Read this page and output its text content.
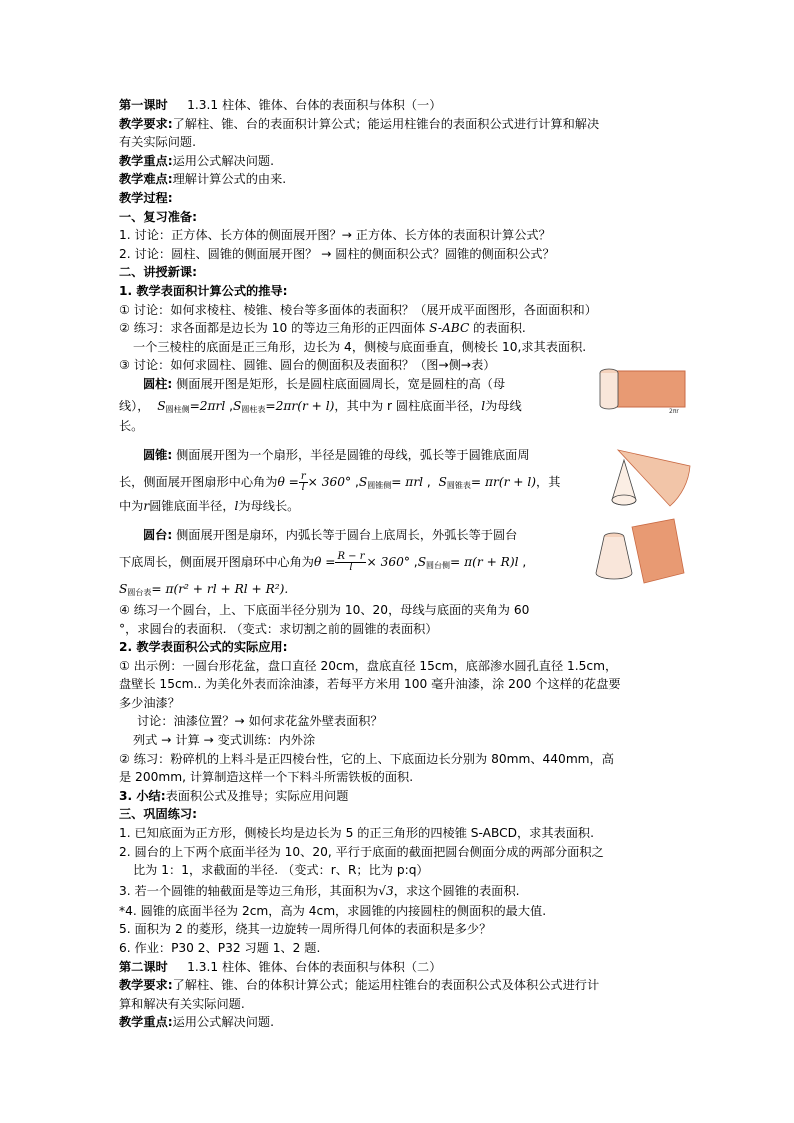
第一课时 1.3.1 柱体、锥体、台体的表面积与体积（一）
教学要求:了解柱、锥、台的表面积计算公式；能运用柱锥台的表面积公式进行计算和解决
有关实际问题.
教学重点:运用公式解决问题.
教学难点:理解计算公式的由来.
教学过程:
一、复习准备:
1. 讨论：正方体、长方体的侧面展开图？→ 正方体、长方体的表面积计算公式？
2. 讨论：圆柱、圆锥的侧面展开图？ → 圆柱的侧面积公式？圆锥的侧面积公式？
二、讲授新课:
1. 教学表面积计算公式的推导:
① 讨论：如何求棱柱、棱锥、棱台等多面体的表面积？（展开成平面图形，各面面积和）
② 练习：求各面都是边长为 10 的等边三角形的正四面体 S-ABC 的表面积.
一个三棱柱的底面是正三角形，边长为 4，侧棱与底面垂直，侧棱长 10,求其表面积.
③ 讨论：如何求圆柱、圆锥、圆台的侧面积及表面积？（图→侧→表）
圆柱: 侧面展开图是矩形，长是圆柱底面圆周长，宽是圆柱的高（母
线）， $S_{圆柱侧}=2\pi rl$ $,S_{圆柱表}=2\pi r(r + l)$，其中为 r 圆柱底面半径，l为母线
长。
圆锥: 侧面展开图为一个扇形，半径是圆锥的母线，弧长等于圆锥底面周
长，侧面展开图扇形中心角为$\theta = \frac{r}{l} \times 360^\circ$ $,S_{圆锥侧}= \pi rl$ ,  $S_{圆锥表}= \pi r(r + l)$，其
中为r圆锥底面半径，l为母线长。
圆台: 侧面展开图是扇环，内弧长等于圆台上底周长，外弧长等于圆台
下底周长，侧面展开图扇环中心角为$\theta = \frac{R - r}{l} \times 360^\circ$ $,S_{圆台侧}= \pi(r + R)l$ ,
$S_{圆台表}= \pi(r^2$ + rl + Rl + R²).
④ 练习一个圆台，上、下底面半径分别为 10、20，母线与底面的夹角为 60
°，求圆台的表面积. （变式：求切割之前的圆锥的表面积）
2. 教学表面积公式的实际应用:
① 出示例：一圆台形花盆，盘口直径 20cm，盘底直径 15cm，底部渗水圆孔直径 1.5cm，
盘壁长 15cm.. 为美化外表而涂油漆，若每平方米用 100 毫升油漆，涂 200 个这样的花盘要
多少油漆？
讨论：油漆位置？→ 如何求花盆外壁表面积？
列式 → 计算 → 变式训练：内外涂
② 练习：粉碎机的上料斗是正四棱台性，它的上、下底面边长分别为 80mm、440mm，高
是 200mm, 计算制造这样一个下料斗所需铁板的面积.
3. 小结:表面积公式及推导；实际应用问题
三、巩固练习:
1. 已知底面为正方形，侧棱长均是边长为 5 的正三角形的四棱锥 S-ABCD，求其表面积.
2. 圆台的上下两个底面半径为 10、20, 平行于底面的截面把圆台侧面分成的两部分面积之
比为 1：1，求截面的半径. （变式：r、R；比为 p:q）
3. 若一个圆锥的轴截面是等边三角形，其面积为√3，求这个圆锥的表面积.
*4. 圆锥的底面半径为 2cm，高为 4cm，求圆锥的内接圆柱的侧面积的最大值.
5. 面积为 2 的菱形，绕其一边旋转一周所得几何体的表面积是多少？
6. 作业：P30 2、P32 习题 1、2 题.
第二课时 1.3.1 柱体、锥体、台体的表面积与体积（二）
教学要求:了解柱、锥、台的体积计算公式；能运用柱锥台的表面积公式及体积公式进行计
算和解决有关实际问题.
教学重点:运用公式解决问题.
2πr
